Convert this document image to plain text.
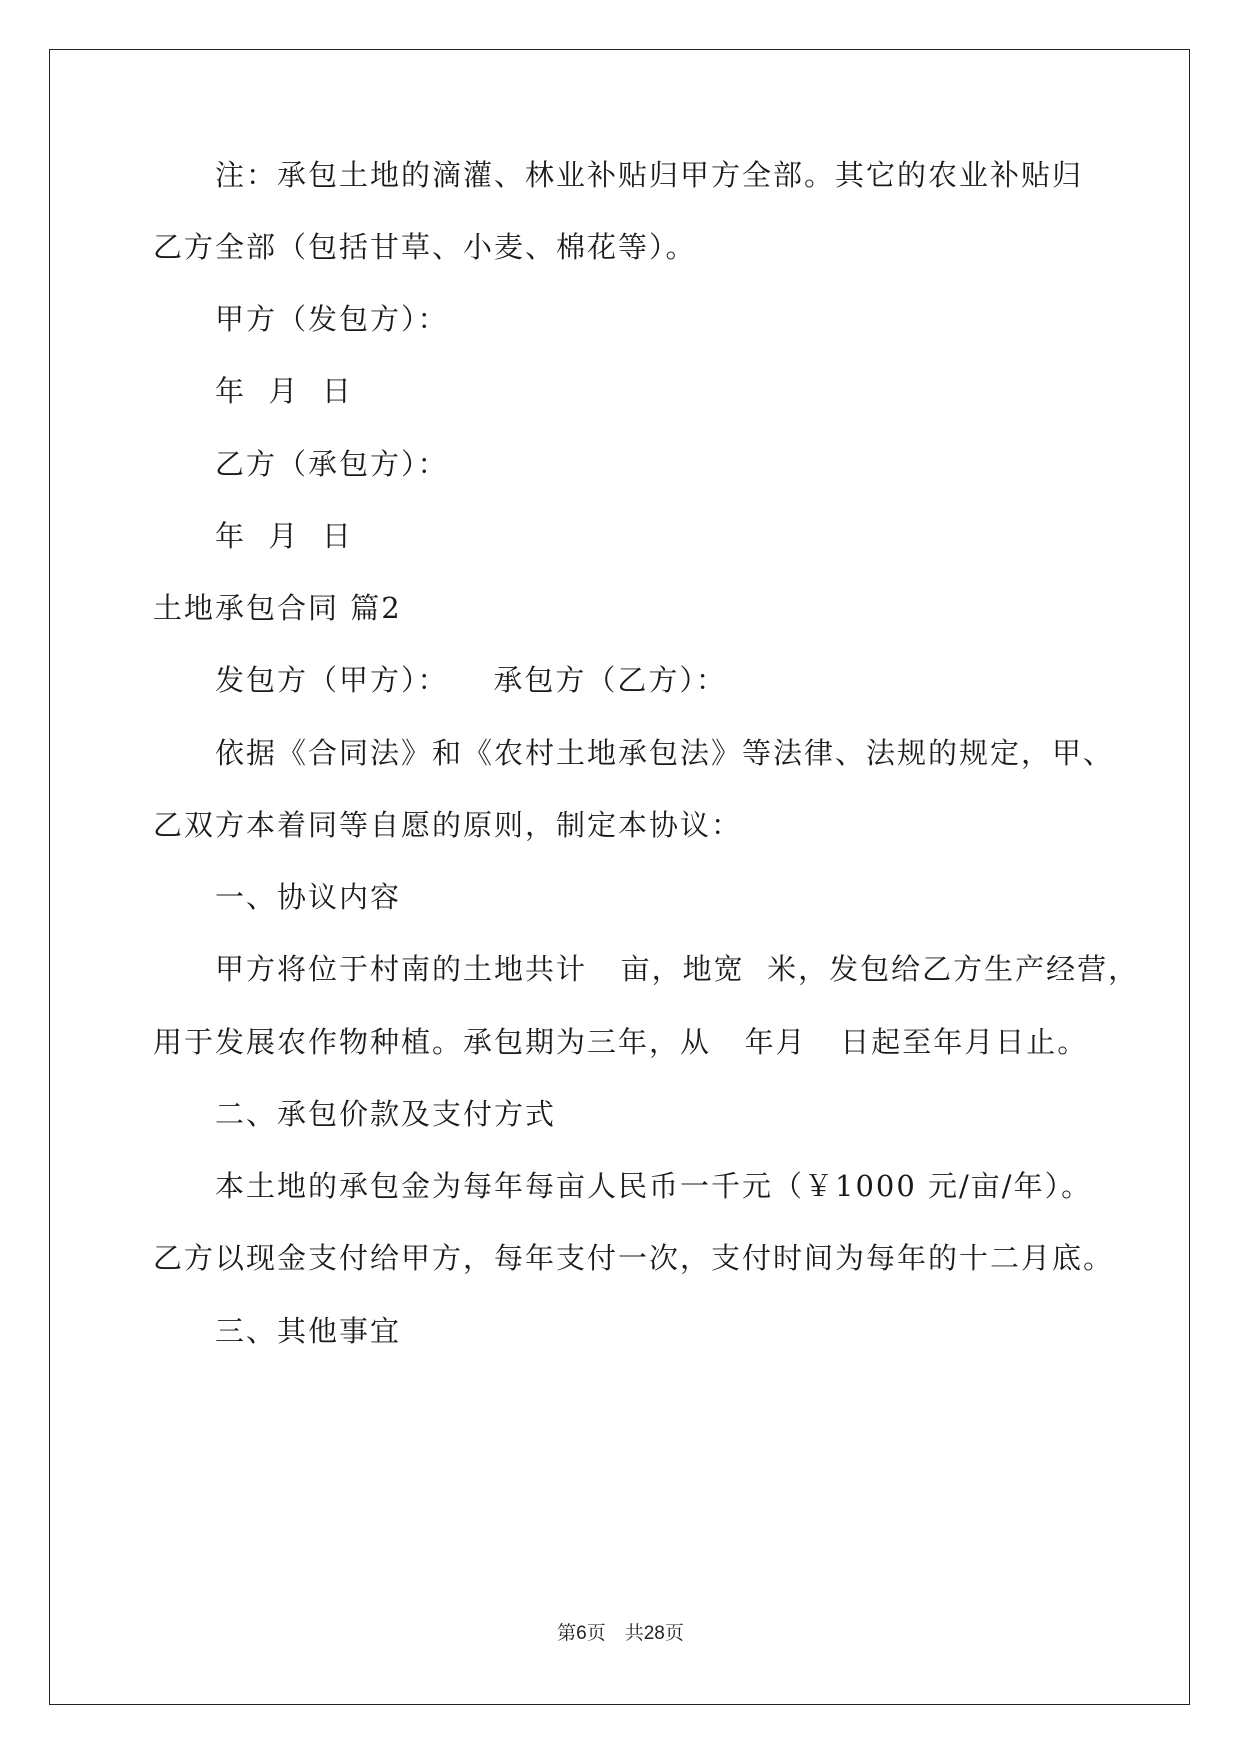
注：承包土地的滴灌、林业补贴归甲方全部。其它的农业补贴归
乙方全部（包括甘草、小麦、棉花等）。
甲方（发包方）：
年  月  日
乙方（承包方）：
年  月  日
土地承包合同 篇2
发包方（甲方）：    承包方（乙方）：
依据《合同法》和《农村土地承包法》等法律、法规的规定，甲、
乙双方本着同等自愿的原则，制定本协议：
一、协议内容
甲方将位于村南的土地共计   亩，地宽  米，发包给乙方生产经营，
用于发展农作物种植。承包期为三年，从   年月   日起至年月日止。
二、承包价款及支付方式
本土地的承包金为每年每亩人民币一千元（￥1000 元/亩/年）。
乙方以现金支付给甲方，每年支付一次，支付时间为每年的十二月底。
三、其他事宜
第6页　共28页
